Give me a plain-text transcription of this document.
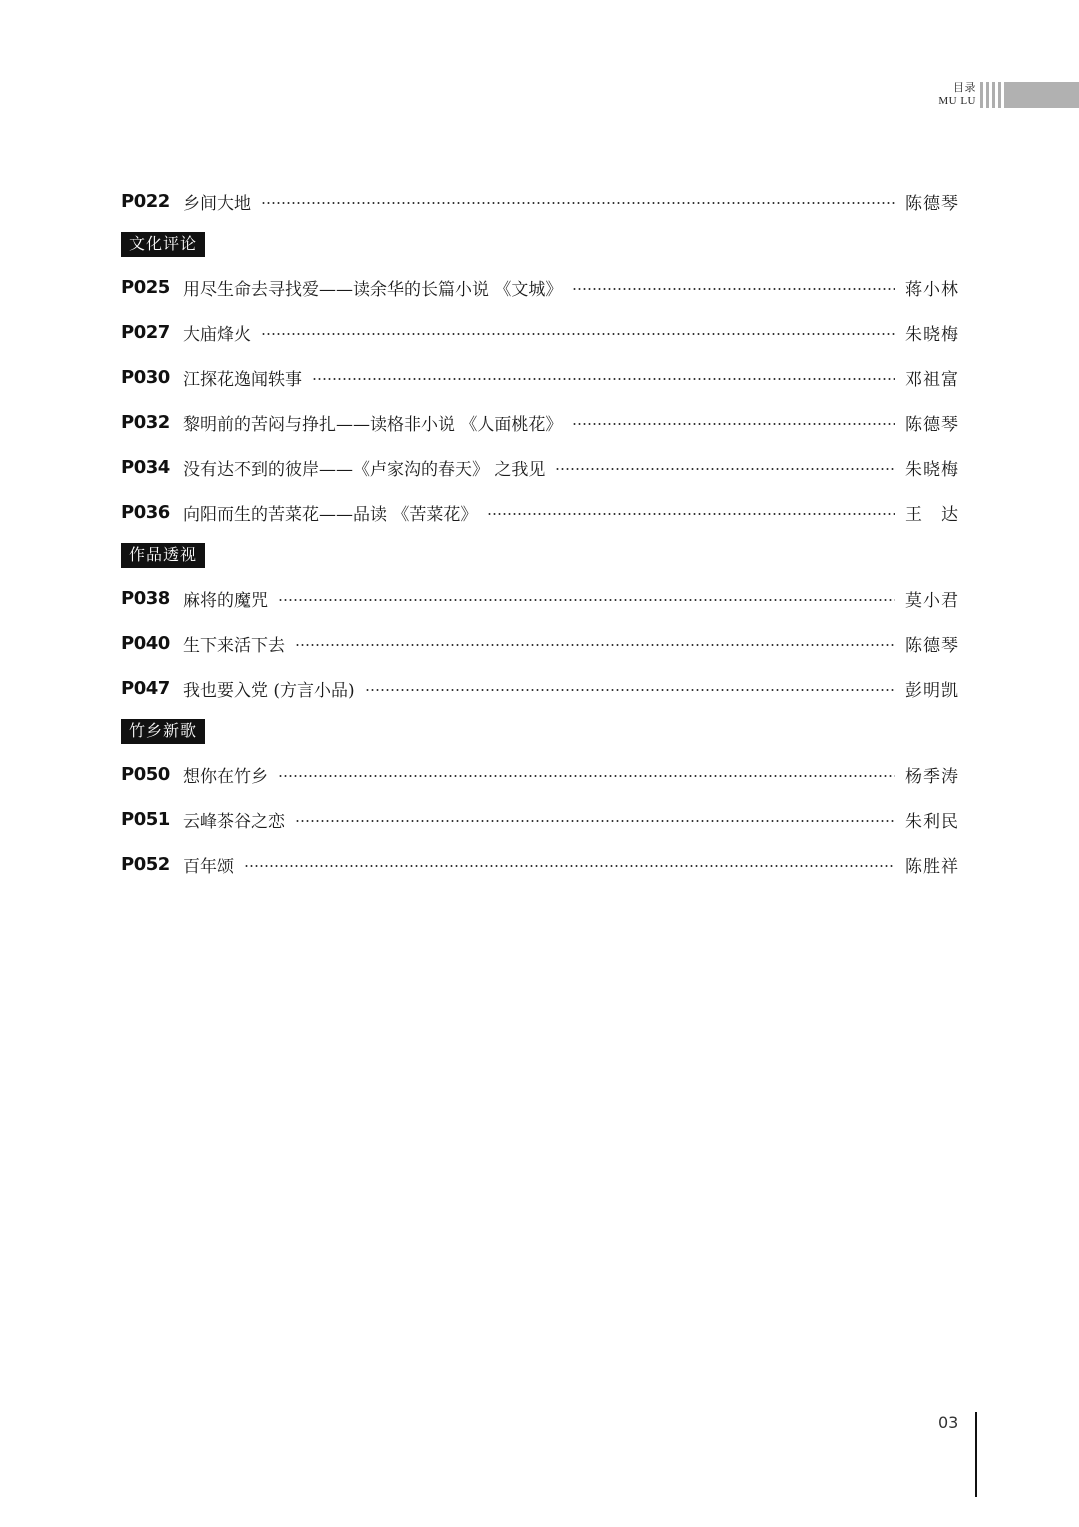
目录
MU LU
P022 乡间大地	陈德琴
文化评论
P025 用尽生命去寻找爱——读余华的长篇小说 《文城》	蒋小林
P027 大庙烽火	朱晓梅
P030 江探花逸闻轶事	邓祖富
P032 黎明前的苦闷与挣扎——读格非小说 《人面桃花》	陈德琴
P034 没有达不到的彼岸——《卢家沟的春天》 之我见	朱晓梅
P036 向阳而生的苦菜花——品读 《苦菜花》	王　达
作品透视
P038 麻将的魔咒	莫小君
P040 生下来活下去	陈德琴
P047 我也要入党 (方言小品)	彭明凯
竹乡新歌
P050 想你在竹乡	杨季涛
P051 云峰茶谷之恋	朱利民
P052 百年颂	陈胜祥
03
